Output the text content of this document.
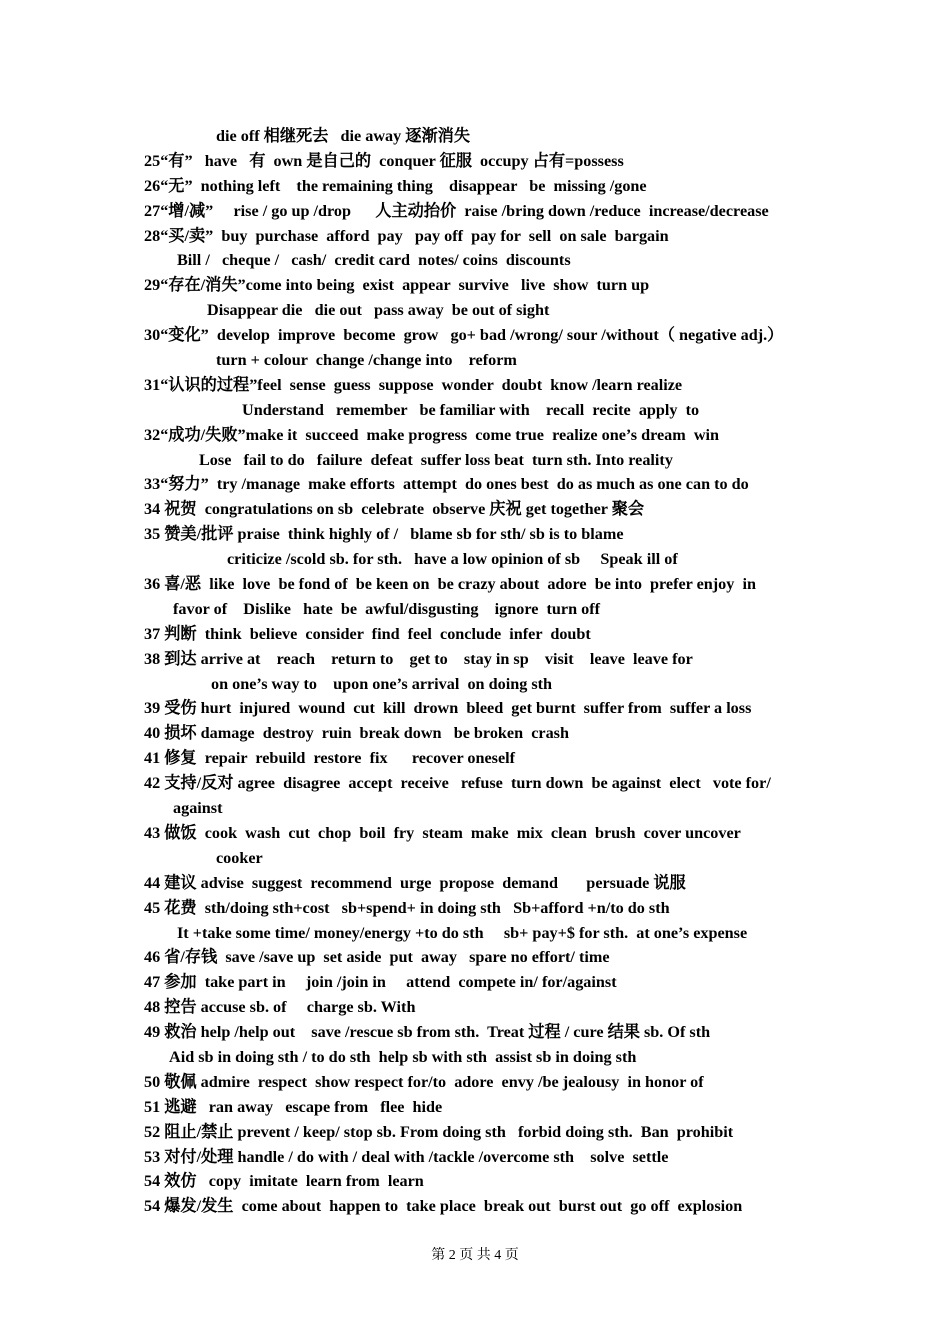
die off 相继死去   die away 逐渐消失
25“有”   have   有  own 是自己的  conquer 征服  occupy 占有=possess
26“无”  nothing left    the remaining thing    disappear   be  missing /gone
27“增/减”     rise / go up /drop      人主动抬价  raise /bring down /reduce  increase/decrease
28“买/卖”  buy  purchase  afford  pay   pay off  pay for  sell  on sale  bargain
Bill /   cheque /   cash/  credit card  notes/ coins  discounts
29“存在/消失”come into being  exist  appear  survive   live  show  turn up
Disappear die   die out   pass away  be out of sight
30“变化”  develop  improve  become  grow   go+ bad /wrong/ sour /without（ negative adj.）
turn + colour  change /change into    reform
31“认识的过程”feel  sense  guess  suppose  wonder  doubt  know /learn realize
Understand   remember   be familiar with    recall  recite  apply  to
32“成功/失败”make it  succeed  make progress  come true  realize one’s dream  win
Lose   fail to do   failure  defeat  suffer loss beat  turn sth. Into reality
33“努力”  try /manage  make efforts  attempt  do ones best  do as much as one can to do
34 祝贺  congratulations on sb  celebrate  observe 庆祝 get together 聚会
35 赞美/批评 praise  think highly of /   blame sb for sth/ sb is to blame
criticize /scold sb. for sth.   have a low opinion of sb     Speak ill of
36 喜/恶  like  love  be fond of  be keen on  be crazy about  adore  be into  prefer enjoy  in
favor of    Dislike   hate  be  awful/disgusting    ignore  turn off
37 判断  think  believe  consider  find  feel  conclude  infer  doubt
38 到达 arrive at    reach    return to    get to    stay in sp    visit    leave  leave for
on one’s way to    upon one’s arrival  on doing sth
39 受伤 hurt  injured  wound  cut  kill  drown  bleed  get burnt  suffer from  suffer a loss
40 损坏 damage  destroy  ruin  break down   be broken  crash
41 修复  repair  rebuild  restore  fix      recover oneself
42 支持/反对 agree  disagree  accept  receive   refuse  turn down  be against  elect   vote for/
against
43 做饭  cook  wash  cut  chop  boil  fry  steam  make  mix  clean  brush  cover uncover
cooker
44 建议 advise  suggest  recommend  urge  propose  demand       persuade 说服
45 花费  sth/doing sth+cost   sb+spend+ in doing sth   Sb+afford +n/to do sth
It +take some time/ money/energy +to do sth     sb+ pay+$ for sth.  at one’s expense
46 省/存钱  save /save up  set aside  put  away   spare no effort/ time
47 参加  take part in     join /join in     attend  compete in/ for/against
48 控告 accuse sb. of     charge sb. With
49 救治 help /help out    save /rescue sb from sth.  Treat 过程 / cure 结果 sb. Of sth
Aid sb in doing sth / to do sth  help sb with sth  assist sb in doing sth
50 敬佩 admire  respect  show respect for/to  adore  envy /be jealousy  in honor of
51 逃避   ran away   escape from   flee  hide
52 阻止/禁止 prevent / keep/ stop sb. From doing sth   forbid doing sth.  Ban  prohibit
53 对付/处理 handle / do with / deal with /tackle /overcome sth    solve  settle
54 效仿   copy  imitate  learn from  learn
54 爆发/发生  come about  happen to  take place  break out  burst out  go off  explosion
第 2 页 共 4 页
